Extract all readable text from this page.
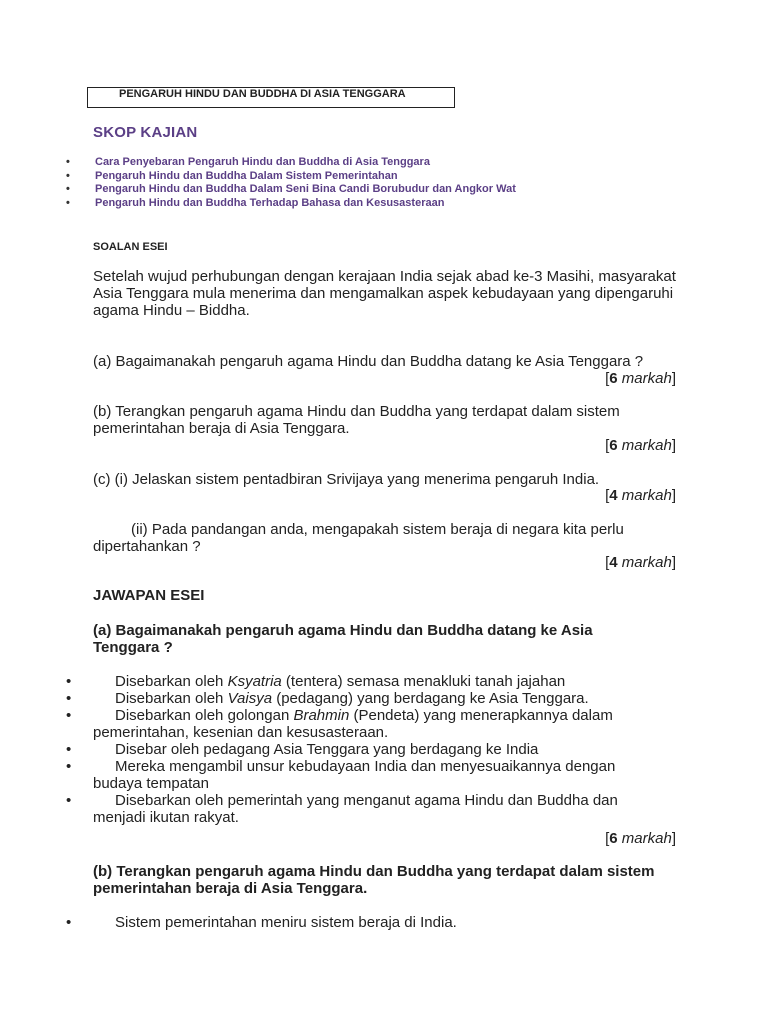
PENGARUH HINDU DAN BUDDHA DI ASIA TENGGARA
SKOP KAJIAN
• Cara Penyebaran Pengaruh Hindu dan Buddha di Asia Tenggara
• Pengaruh Hindu dan Buddha Dalam Sistem Pemerintahan
• Pengaruh Hindu dan Buddha Dalam Seni Bina Candi Borubudur dan Angkor Wat
• Pengaruh Hindu dan Buddha Terhadap Bahasa dan Kesusasteraan
SOALAN ESEI
Setelah wujud perhubungan dengan kerajaan India sejak abad ke-3 Masihi, masyarakat Asia Tenggara mula menerima dan mengamalkan aspek kebudayaan yang dipengaruhi agama Hindu – Biddha.
(a) Bagaimanakah pengaruh agama Hindu dan Buddha datang ke Asia Tenggara ?
[6 markah]
(b) Terangkan pengaruh agama Hindu dan Buddha yang terdapat dalam sistem
pemerintahan beraja di Asia Tenggara.
[6 markah]
(c) (i) Jelaskan sistem pentadbiran Srivijaya yang menerima pengaruh India.
[4 markah]
(ii) Pada pandangan anda, mengapakah sistem beraja di negara kita perlu
dipertahankan ?
[4 markah]
JAWAPAN ESEI
(a) Bagaimanakah pengaruh agama Hindu dan Buddha datang ke Asia
Tenggara ?
•	Disebarkan oleh Ksyatria (tentera) semasa menakluki tanah jajahan
•	Disebarkan oleh Vaisya (pedagang) yang berdagang ke Asia Tenggara.
•	Disebarkan oleh golongan Brahmin (Pendeta) yang menerapkannya dalam
pemerintahan, kesenian dan kesusasteraan.
•	Disebar oleh pedagang Asia Tenggara yang berdagang ke India
•	Mereka mengambil unsur kebudayaan India dan menyesuaikannya dengan
budaya tempatan
•	Disebarkan oleh pemerintah yang menganut agama Hindu dan Buddha dan
menjadi ikutan rakyat.
[6 markah]
(b) Terangkan pengaruh agama Hindu dan Buddha yang terdapat dalam sistem
pemerintahan beraja di Asia Tenggara.
•	Sistem pemerintahan meniru sistem beraja di India.
